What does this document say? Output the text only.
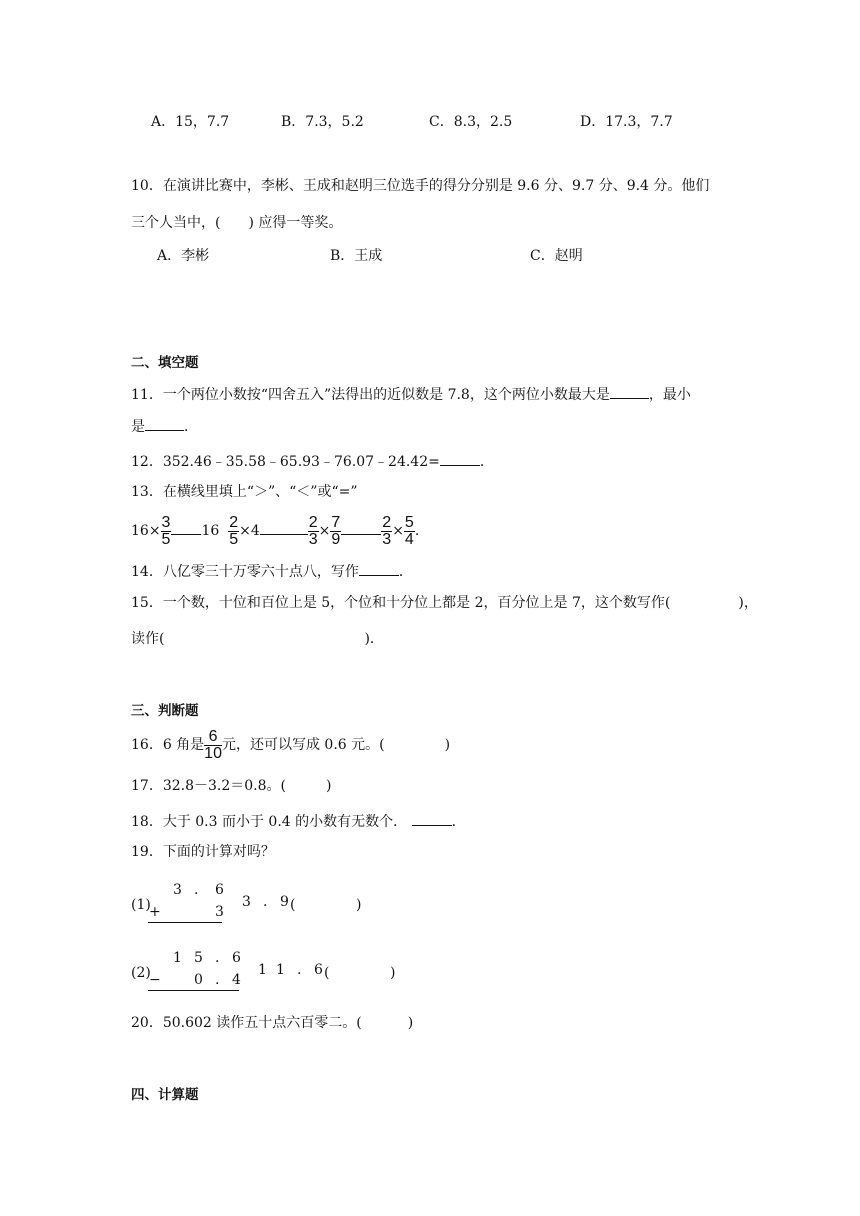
A．15，7.7	B．7.3，5.2	C．8.3，2.5	D．17.3，7.7
10．在演讲比赛中，李彬、王成和赵明三位选手的得分分别是 9.6 分、9.7 分、9.4 分。他们
三个人当中，(　　) 应得一等奖。
A．李彬	B．王成	C．赵明
二、填空题
11．一个两位小数按“四舍五入”法得出的近似数是 7.8，这个两位小数最大是	，最小
是	．
12．352.46﹣35.58﹣65.93﹣76.07﹣24.42=	．
13．在横线里填上“＞”、“＜”或“=”
$16\times \frac{3}{5} 16 \frac{2}{5} \times 4$	$\frac{2}{3} \times \frac{7}{9}$	$\frac{2}{3} \times \frac{5}{4}$ .
14．八亿零三十万零六十点八，写作	．
15．一个数，十位和百位上是 5，个位和十分位上都是 2，百分位上是 7，这个数写作(	)，
读作(	)．
三、判断题
16．6 角是 $\frac{6}{10}$ 元，还可以写成 0.6 元。(	)
17．32.8－3.2＝0.8。(	)
18．大于 0.3 而小于 0.4 的小数有无数个．	．
19．下面的计算对吗？
(1)
3 . 6
+	3
3 . 9 (	)
(2)
1 5 . 6
− 0 . 4
1 1 . 6 (	)
20．50.602 读作五十点六百零二。(	)
四、计算题
